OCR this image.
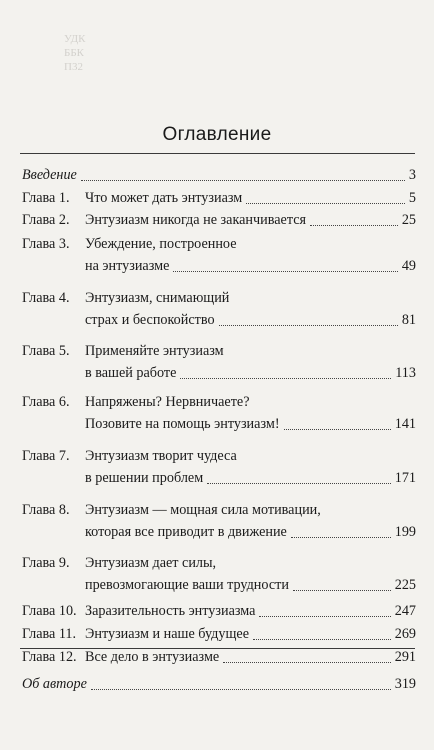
УДК
ББК
П32
Оглавление
Введение	3
Глава 1. Что может дать энтузиазм	5
Глава 2. Энтузиазм никогда не заканчивается	25
Глава 3. Убеждение, построенное
на энтузиазме	49
Глава 4. Энтузиазм, снимающий
страх и беспокойство	81
Глава 5. Применяйте энтузиазм
в вашей работе	113
Глава 6. Напряжены? Нервничаете?
Позовите на помощь энтузиазм!	141
Глава 7. Энтузиазм творит чудеса
в решении проблем	171
Глава 8. Энтузиазм — мощная сила мотивации,
которая все приводит в движение	199
Глава 9. Энтузиазм дает силы,
превозмогающие ваши трудности	225
Глава 10. Заразительность энтузиазма	247
Глава 11. Энтузиазм и наше будущее	269
Глава 12. Все дело в энтузиазме	291
Об авторе	319
